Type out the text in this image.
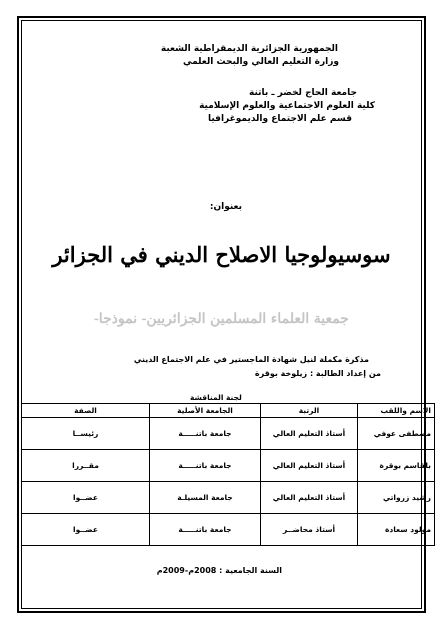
الجمهورية الجزائرية الديمقراطية الشعبة
وزارة التعليم العالي والبحث العلمي
جامعة الحاج لخضر ـ باتنة
كلية العلوم الاجتماعية والعلوم الإسلامية
قسم علم الاجتماع والديموغرافيا
بعنوان:
سوسيولوجيا الاصلاح الديني في الجزائر
جمعية العلماء المسلمين الجزائريين- نموذجا-
مذكرة مكملة لنيل شهادة الماجستير في علم الاجتماع الديني
من إعداد الطالبة : زيلوخة بوقرة
لجنة المناقشة
الاسم واللقب	الرتبة	الجامعة الأصلية	الصفة
مصطفى عوفي	أستاذ التعليم العالي	جامعة باتنـــــة	رئيســا
بلقاسم بوقرة	أستاذ التعليم العالي	جامعة باتنـــــة	مقــررا
رشيد زرواتي	أستاذ التعليم العالي	جامعة المسيلـة	عضــوا
مولود سعادة	أستاذ محاضــر	جامعة باتنـــــة	عضــوا
السنة الجامعية : 2008م-2009م
